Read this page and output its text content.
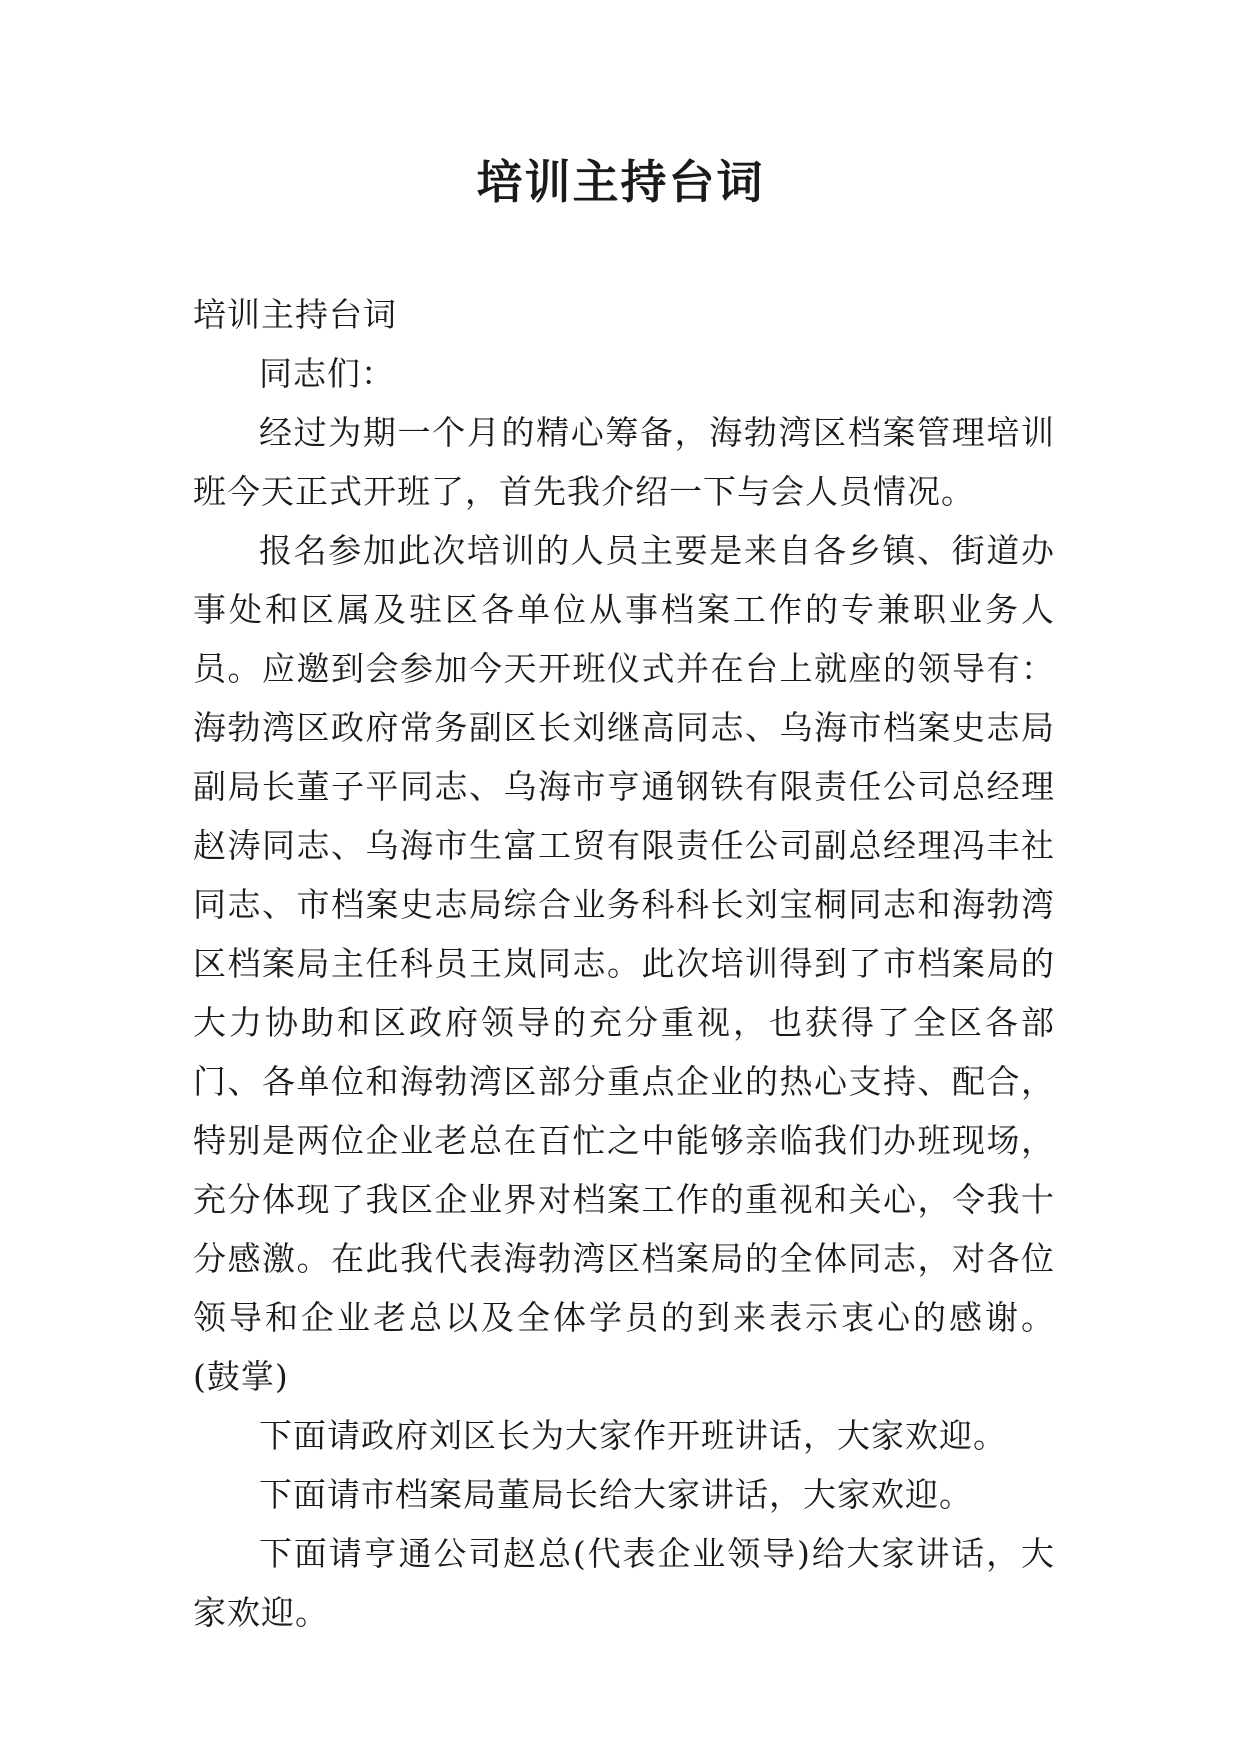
培训主持台词

培训主持台词

同志们：

经过为期一个月的精心筹备，海勃湾区档案管理培训班今天正式开班了，首先我介绍一下与会人员情况。

报名参加此次培训的人员主要是来自各乡镇、街道办事处和区属及驻区各单位从事档案工作的专兼职业务人员。应邀到会参加今天开班仪式并在台上就座的领导有：海勃湾区政府常务副区长刘继高同志、乌海市档案史志局副局长董子平同志、乌海市亨通钢铁有限责任公司总经理赵涛同志、乌海市生富工贸有限责任公司副总经理冯丰社同志、市档案史志局综合业务科科长刘宝桐同志和海勃湾区档案局主任科员王岚同志。此次培训得到了市档案局的大力协助和区政府领导的充分重视，也获得了全区各部门、各单位和海勃湾区部分重点企业的热心支持、配合，特别是两位企业老总在百忙之中能够亲临我们办班现场，充分体现了我区企业界对档案工作的重视和关心，令我十分感激。在此我代表海勃湾区档案局的全体同志，对各位领导和企业老总以及全体学员的到来表示衷心的感谢。(鼓掌)

下面请政府刘区长为大家作开班讲话，大家欢迎。

下面请市档案局董局长给大家讲话，大家欢迎。

下面请亨通公司赵总(代表企业领导)给大家讲话，大家欢迎。
